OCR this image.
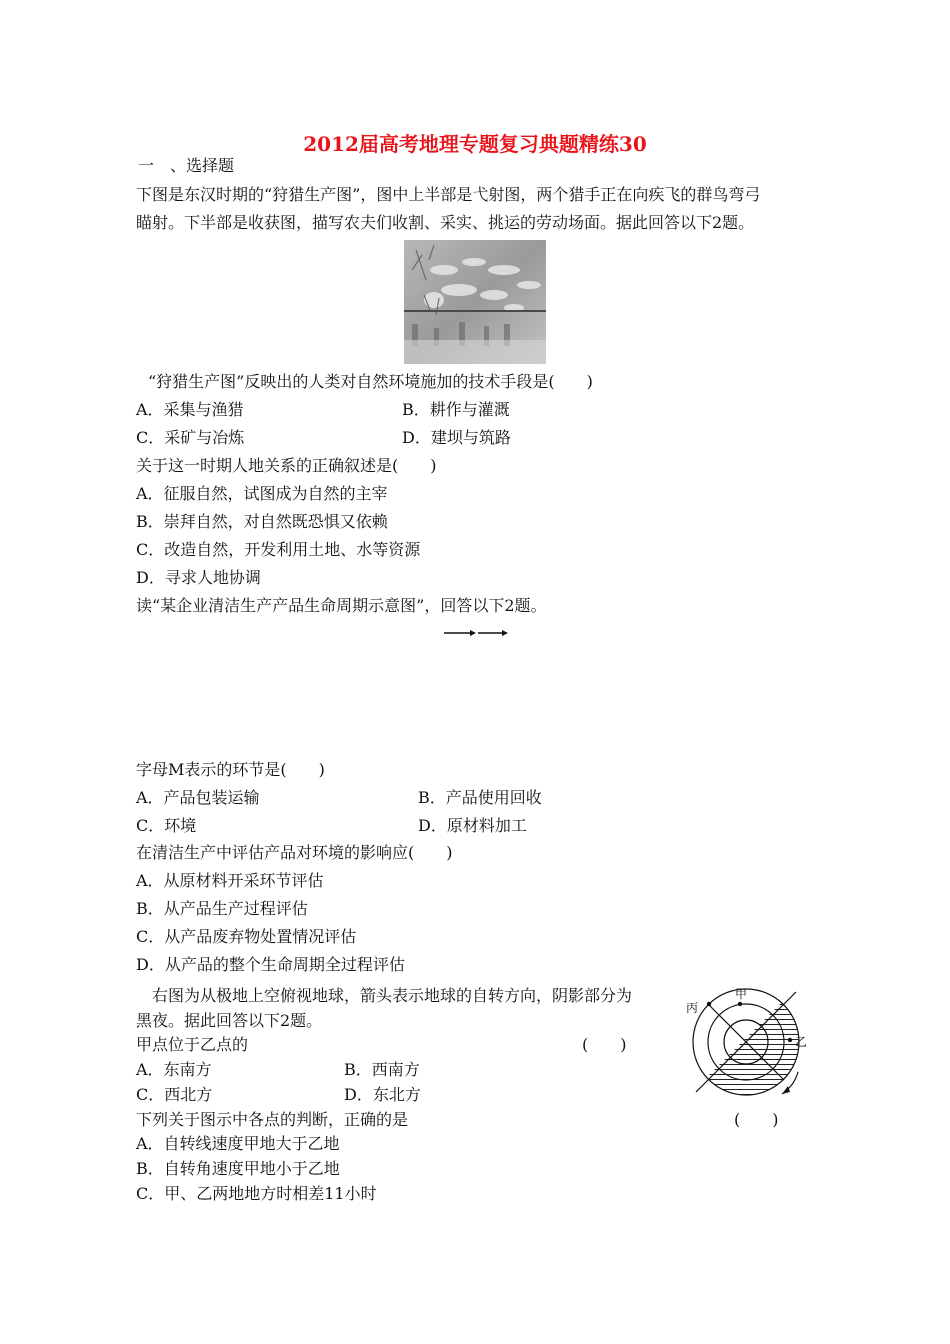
2012届高考地理专题复习典题精练30
一　、选择题
下图是东汉时期的“狩猎生产图”，图中上半部是弋射图，两个猎手正在向疾飞的群鸟弯弓
瞄射。下半部是收获图，描写农夫们收割、采实、挑运的劳动场面。据此回答以下2题。
“狩猎生产图”反映出的人类对自然环境施加的技术手段是(　　)
A．采集与渔猎	B．耕作与灌溉
C．采矿与冶炼	D．建坝与筑路
关于这一时期人地关系的正确叙述是(　　)
A．征服自然，试图成为自然的主宰
B．崇拜自然，对自然既恐惧又依赖
C．改造自然，开发利用土地、水等资源
D．寻求人地协调
读“某企业清洁生产产品生命周期示意图”，回答以下2题。
字母M表示的环节是(　　)
A．产品包装运输	B．产品使用回收
C．环境	D．原材料加工
在清洁生产中评估产品对环境的影响应(　　)
A．从原材料开采环节评估
B．从产品生产过程评估
C．从产品废弃物处置情况评估
D．从产品的整个生命周期全过程评估
　右图为从极地上空俯视地球，箭头表示地球的自转方向，阴影部分为
黑夜。据此回答以下2题。
甲点位于乙点的	(　　)
A．东南方	B．西南方
C．西北方	D．东北方
下列关于图示中各点的判断，正确的是	(　　)
A．自转线速度甲地大于乙地
B．自转角速度甲地小于乙地
C．甲、乙两地地方时相差11小时
甲
乙
丙
